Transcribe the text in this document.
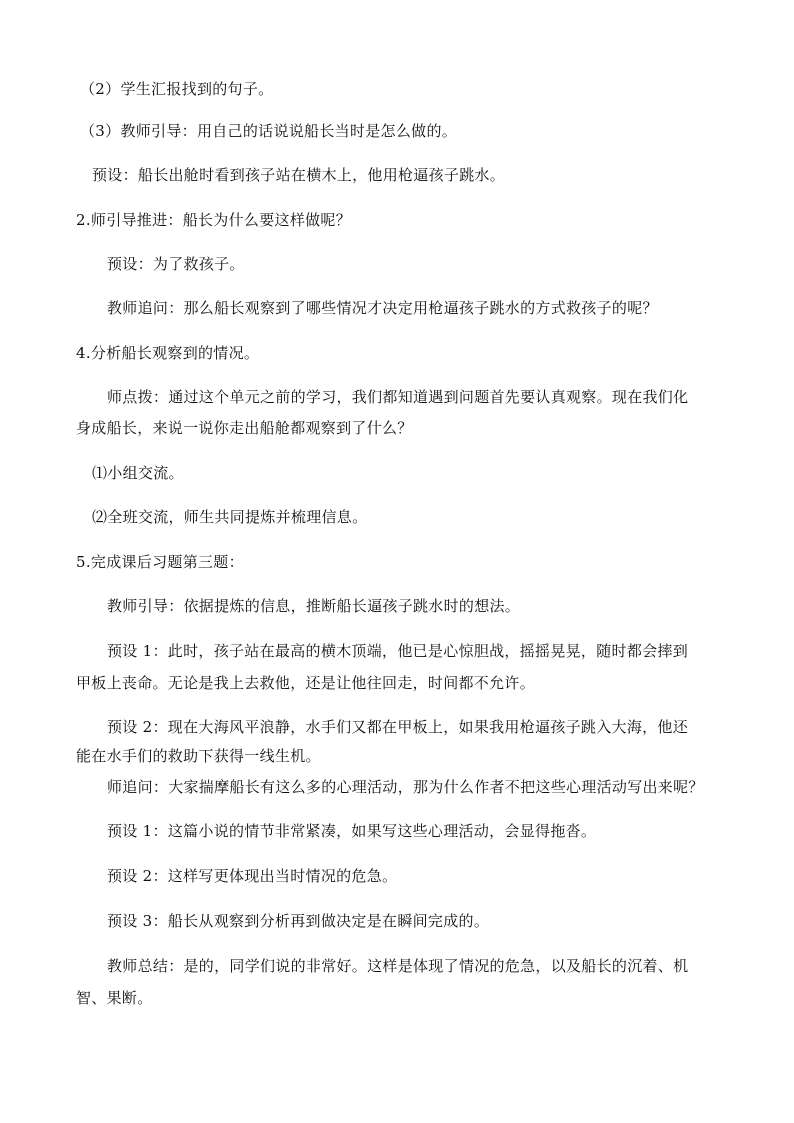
（2）学生汇报找到的句子。
（3）教师引导：用自己的话说说船长当时是怎么做的。
预设：船长出舱时看到孩子站在横木上，他用枪逼孩子跳水。
2.师引导推进：船长为什么要这样做呢？
预设：为了救孩子。
教师追问：那么船长观察到了哪些情况才决定用枪逼孩子跳水的方式救孩子的呢？
4.分析船长观察到的情况。
师点拨：通过这个单元之前的学习，我们都知道遇到问题首先要认真观察。现在我们化
身成船长，来说一说你走出船舱都观察到了什么？
⑴小组交流。
⑵全班交流，师生共同提炼并梳理信息。
5.完成课后习题第三题：
教师引导：依据提炼的信息，推断船长逼孩子跳水时的想法。
预设 1：此时，孩子站在最高的横木顶端，他已是心惊胆战，摇摇晃晃，随时都会摔到
甲板上丧命。无论是我上去救他，还是让他往回走，时间都不允许。
预设 2：现在大海风平浪静，水手们又都在甲板上，如果我用枪逼孩子跳入大海，他还
能在水手们的救助下获得一线生机。
师追问：大家揣摩船长有这么多的心理活动，那为什么作者不把这些心理活动写出来呢？
预设 1：这篇小说的情节非常紧凑，如果写这些心理活动，会显得拖沓。
预设 2：这样写更体现出当时情况的危急。
预设 3：船长从观察到分析再到做决定是在瞬间完成的。
教师总结：是的，同学们说的非常好。这样是体现了情况的危急，以及船长的沉着、机
智、果断。
